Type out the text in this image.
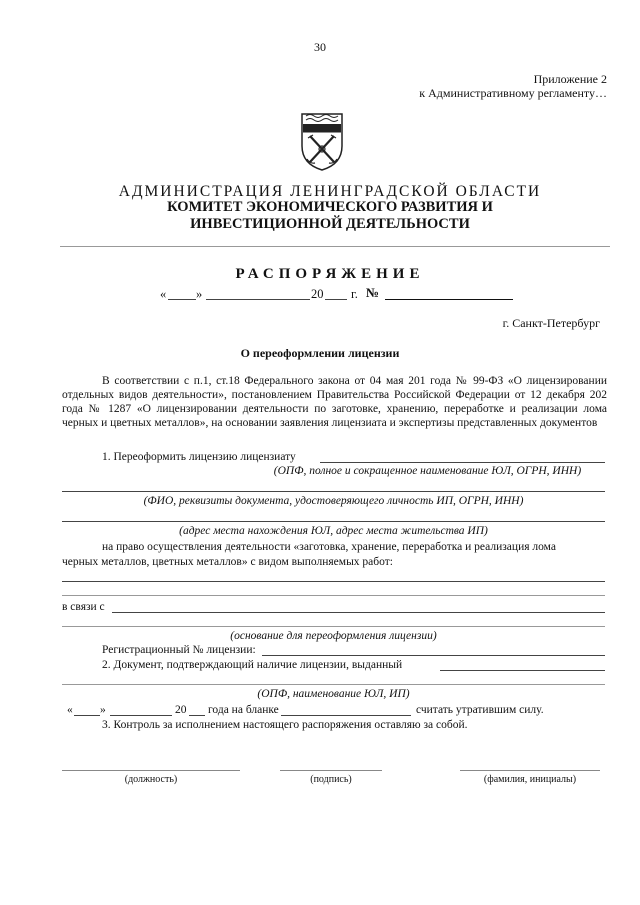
30
Приложение 2
к Административному регламенту…
АДМИНИСТРАЦИЯ ЛЕНИНГРАДСКОЙ ОБЛАСТИ
КОМИТЕТ ЭКОНОМИЧЕСКОГО РАЗВИТИЯ И
ИНВЕСТИЦИОННОЙ ДЕЯТЕЛЬНОСТИ
РАСПОРЯЖЕНИЕ
« »	20 г. №
г. Санкт-Петербург
О переоформлении лицензии
В соответствии с п.1, ст.18 Федерального закона от 04 мая 201 года № 99-ФЗ «О лицензировании отдельных видов деятельности», постановлением Правительства Российской Федерации от 12 декабря 202 года № 1287 «О лицензировании деятельности по заготовке, хранению, переработке и реализации лома черных и цветных металлов», на основании заявления лицензиата и экспертизы представленных документов
1. Переоформить лицензию лицензиату
(ОПФ, полное и сокращенное наименование ЮЛ, ОГРН, ИНН)
(ФИО, реквизиты документа, удостоверяющего личность ИП, ОГРН, ИНН)
(адрес места нахождения ЮЛ, адрес места жительства ИП)
на право осуществления деятельности «заготовка, хранение, переработка и реализация лома
черных металлов, цветных металлов» с видом выполняемых работ:
в связи с
(основание для переоформления лицензии)
Регистрационный № лицензии:
2. Документ, подтверждающий наличие лицензии, выданный
(ОПФ, наименование ЮЛ, ИП)
« »	20 года на бланке	считать утратившим силу.
3. Контроль за исполнением настоящего распоряжения оставляю за собой.
(должность)	(подпись)	(фамилия, инициалы)
